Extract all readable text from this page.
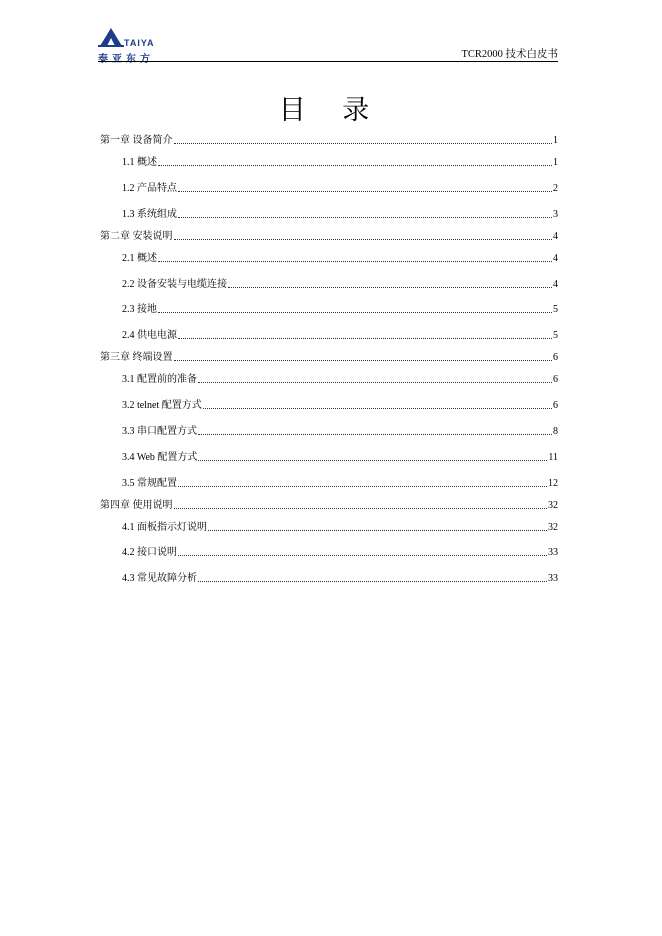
TAIYA
泰亚东方	TCR2000 技术白皮书
目 录
第一章 设备简介	1
1.1 概述	1
1.2 产品特点	2
1.3 系统组成	3
第二章 安装说明	4
2.1 概述	4
2.2 设备安装与电缆连接	4
2.3 接地	5
2.4 供电电源	5
第三章 终端设置	6
3.1 配置前的准备	6
3.2 telnet 配置方式	6
3.3 串口配置方式	8
3.4 Web 配置方式	11
3.5 常规配置	12
第四章 使用说明	32
4.1 面板指示灯说明	32
4.2 接口说明	33
4.3 常见故障分析	33
